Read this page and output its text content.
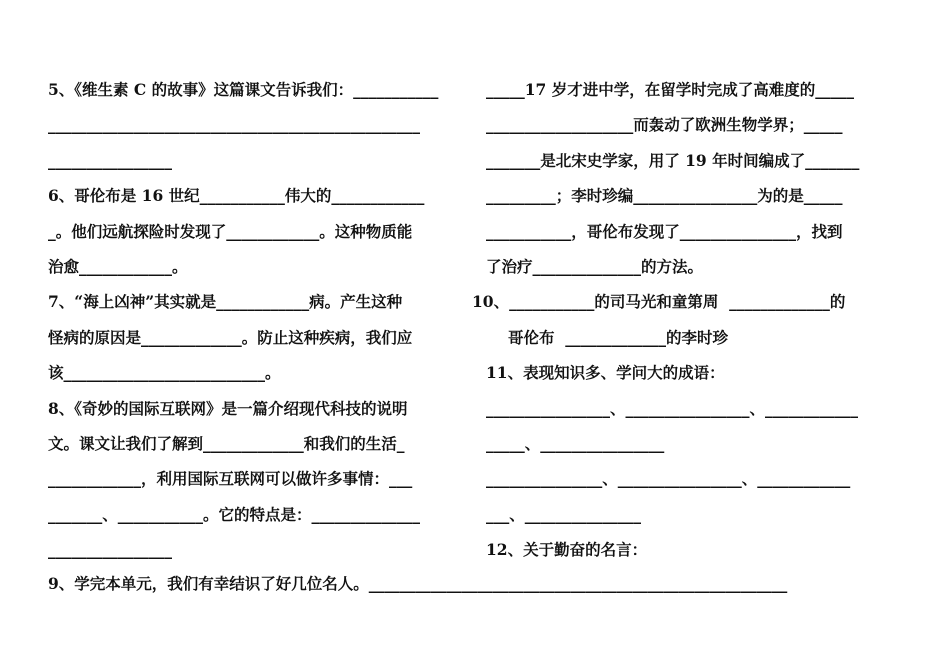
5、《维生素 C 的故事》这篇课文告诉我们：___________
________________________________________________
________________
6、哥伦布是 16 世纪___________伟大的____________
_。他们远航探险时发现了____________。这种物质能
治愈____________。
7、“海上凶神”其实就是____________病。产生这种
怪病的原因是_____________。防止这种疾病，我们应
该__________________________。
8、《奇妙的国际互联网》是一篇介绍现代科技的说明
文。课文让我们了解到_____________和我们的生活_
____________，利用国际互联网可以做许多事情：___
_______、___________。它的特点是：______________
________________
_____17 岁才进中学，在留学时完成了高难度的_____
___________________而轰动了欧洲生物学界；_____
_______是北宋史学家，用了 19 年时间编成了_______
_________；李时珍编________________为的是_____
___________，哥伦布发现了_______________，找到
了治疗______________的方法。
10、___________的司马光和童第周  _____________的
哥伦布  _____________的李时珍
11、表现知识多、学问大的成语：
________________、________________、____________
_____、________________
_______________、________________、____________
___、_______________
12、关于勤奋的名言：
9、学完本单元，我们有幸结识了好几位名人。______________________________________________________
